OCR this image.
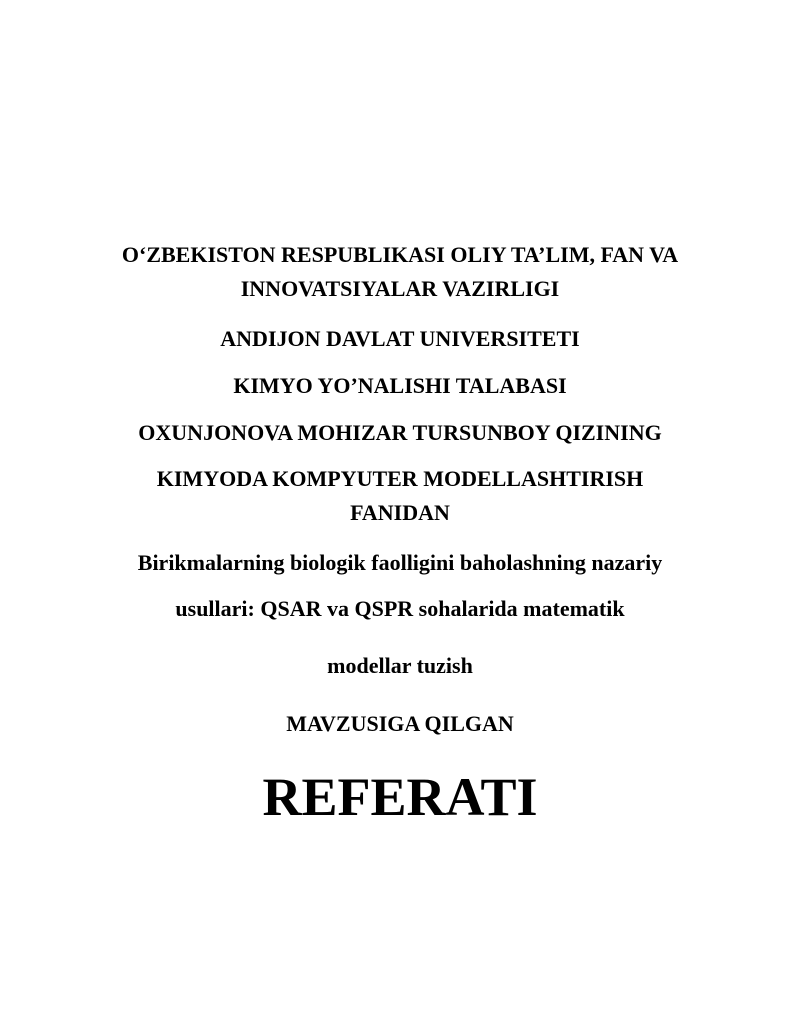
O‘ZBEKISTON RESPUBLIKASI OLIY TA’LIM, FAN VA
INNOVATSIYALAR VAZIRLIGI
ANDIJON DAVLAT UNIVERSITETI
KIMYO YO’NALISHI TALABASI
OXUNJONOVA MOHIZAR TURSUNBOY QIZINING
KIMYODA KOMPYUTER MODELLASHTIRISH
FANIDAN
Birikmalarning biologik faolligini baholashning nazariy
usullari: QSAR va QSPR sohalarida matematik
modellar tuzish
MAVZUSIGA QILGAN
REFERATI
